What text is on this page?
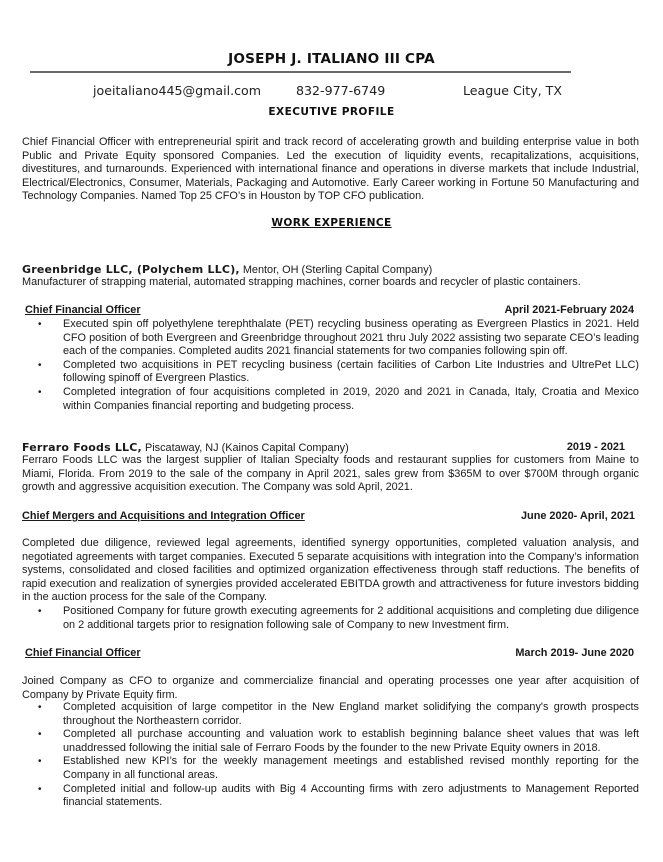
JOSEPH J. ITALIANO III CPA
joeitaliano445@gmail.com	832-977-6749	League City, TX
EXECUTIVE PROFILE

Chief Financial Officer with entrepreneurial spirit and track record of accelerating growth and building enterprise value in both Public and Private Equity sponsored Companies. Led the execution of liquidity events, recapitalizations, acquisitions, divestitures, and turnarounds. Experienced with international finance and operations in diverse markets that include Industrial, Electrical/Electronics, Consumer, Materials, Packaging and Automotive. Early Career working in Fortune 50 Manufacturing and Technology Companies. Named Top 25 CFO’s in Houston by TOP CFO publication.

WORK EXPERIENCE
Greenbridge LLC, (Polychem LLC), Mentor, OH (Sterling Capital Company)
Manufacturer of strapping material, automated strapping machines, corner boards and recycler of plastic containers.
Chief Financial Officer	April 2021-February 2024
• Executed spin off polyethylene terephthalate (PET) recycling business operating as Evergreen Plastics in 2021. Held CFO position of both Evergreen and Greenbridge throughout 2021 thru July 2022 assisting two separate CEO’s leading each of the companies. Completed audits 2021 financial statements for two companies following spin off.
• Completed two acquisitions in PET recycling business (certain facilities of Carbon Lite Industries and UltrePet LLC) following spinoff of Evergreen Plastics.
• Completed integration of four acquisitions completed in 2019, 2020 and 2021 in Canada, Italy, Croatia and Mexico within Companies financial reporting and budgeting process.
Ferraro Foods LLC, Piscataway, NJ (Kainos Capital Company)	2019 - 2021

Ferraro Foods LLC was the largest supplier of Italian Specialty foods and restaurant supplies for customers from Maine to Miami, Florida. From 2019 to the sale of the company in April 2021, sales grew from $365M to over $700M through organic growth and aggressive acquisition execution. The Company was sold April, 2021.

Chief Mergers and Acquisitions and Integration Officer	June 2020- April, 2021

Completed due diligence, reviewed legal agreements, identified synergy opportunities, completed valuation analysis, and negotiated agreements with target companies. Executed 5 separate acquisitions with integration into the Company’s information systems, consolidated and closed facilities and optimized organization effectiveness through staff reductions. The benefits of rapid execution and realization of synergies provided accelerated EBITDA growth and attractiveness for future investors bidding in the auction process for the sale of the Company.

• Positioned Company for future growth executing agreements for 2 additional acquisitions and completing due diligence on 2 additional targets prior to resignation following sale of Company to new Investment firm.
Chief Financial Officer	March 2019- June 2020

Joined Company as CFO to organize and commercialize financial and operating processes one year after acquisition of Company by Private Equity firm.

• Completed acquisition of large competitor in the New England market solidifying the company's growth prospects throughout the Northeastern corridor.
• Completed all purchase accounting and valuation work to establish beginning balance sheet values that was left unaddressed following the initial sale of Ferraro Foods by the founder to the new Private Equity owners in 2018.
• Established new KPI’s for the weekly management meetings and established revised monthly reporting for the Company in all functional areas.
• Completed initial and follow-up audits with Big 4 Accounting firms with zero adjustments to Management Reported financial statements.
